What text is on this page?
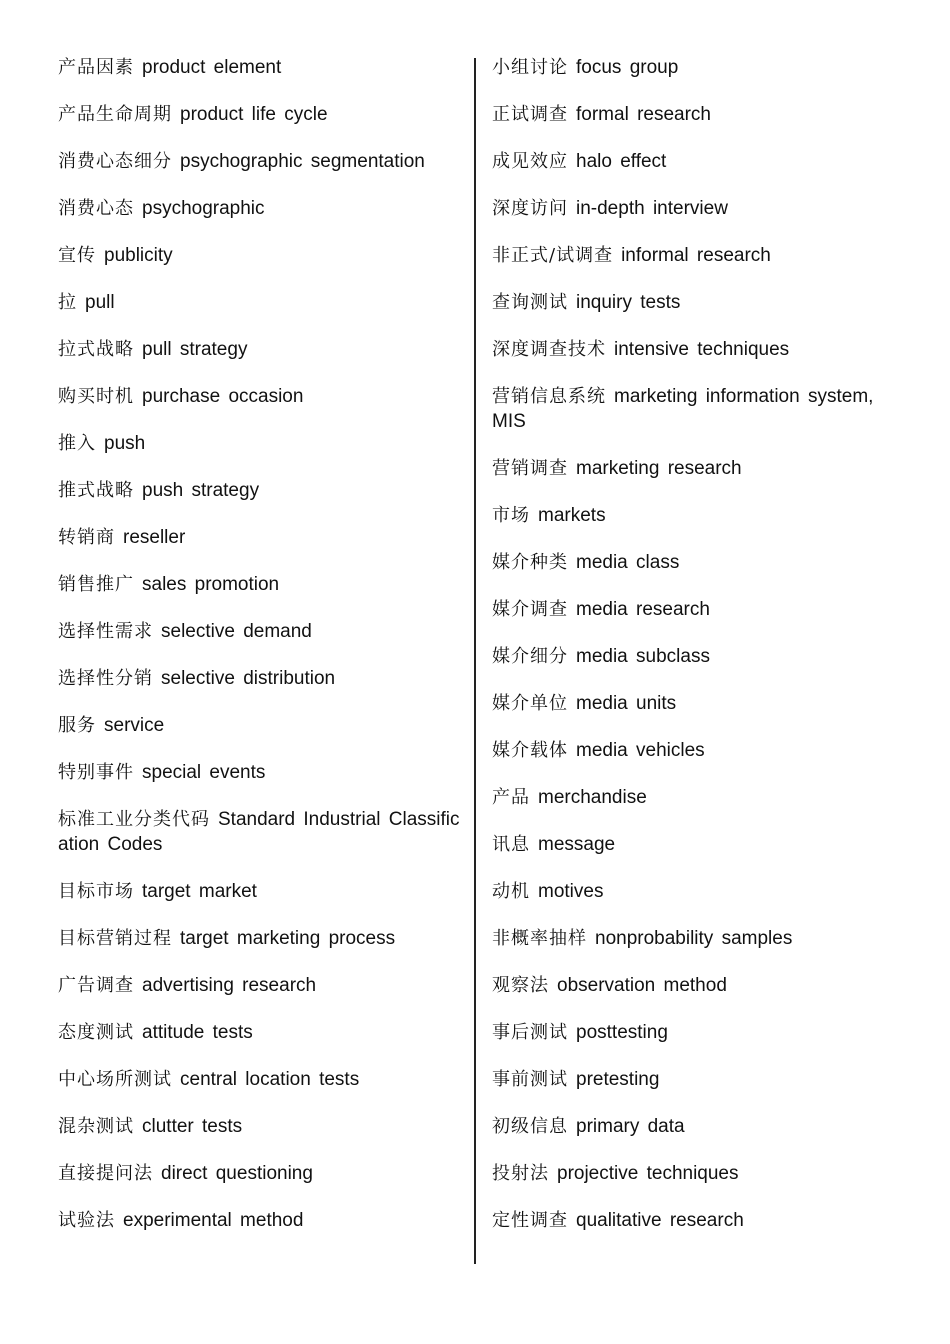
产品因素 product element
产品生命周期 product life cycle
消费心态细分 psychographic segmentation
消费心态 psychographic
宣传 publicity
拉 pull
拉式战略 pull strategy
购买时机 purchase occasion
推入 push
推式战略 push strategy
转销商 reseller
销售推广 sales promotion
选择性需求 selective demand
选择性分销 selective distribution
服务 service
特别事件 special events
标准工业分类代码 Standard Industrial Classification Codes
目标市场 target market
目标营销过程 target marketing process
广告调查 advertising research
态度测试 attitude tests
中心场所测试 central location tests
混杂测试 clutter tests
直接提问法 direct questioning
试验法 experimental method
小组讨论 focus group
正试调查 formal research
成见效应 halo effect
深度访问 in-depth interview
非正式/试调查 informal research
查询测试 inquiry tests
深度调查技术 intensive techniques
营销信息系统 marketing information system, MIS
营销调查 marketing research
市场 markets
媒介种类 media class
媒介调查 media research
媒介细分 media subclass
媒介单位 media units
媒介载体 media vehicles
产品 merchandise
讯息 message
动机 motives
非概率抽样 nonprobability samples
观察法 observation method
事后测试 posttesting
事前测试 pretesting
初级信息 primary data
投射法 projective techniques
定性调查 qualitative research
